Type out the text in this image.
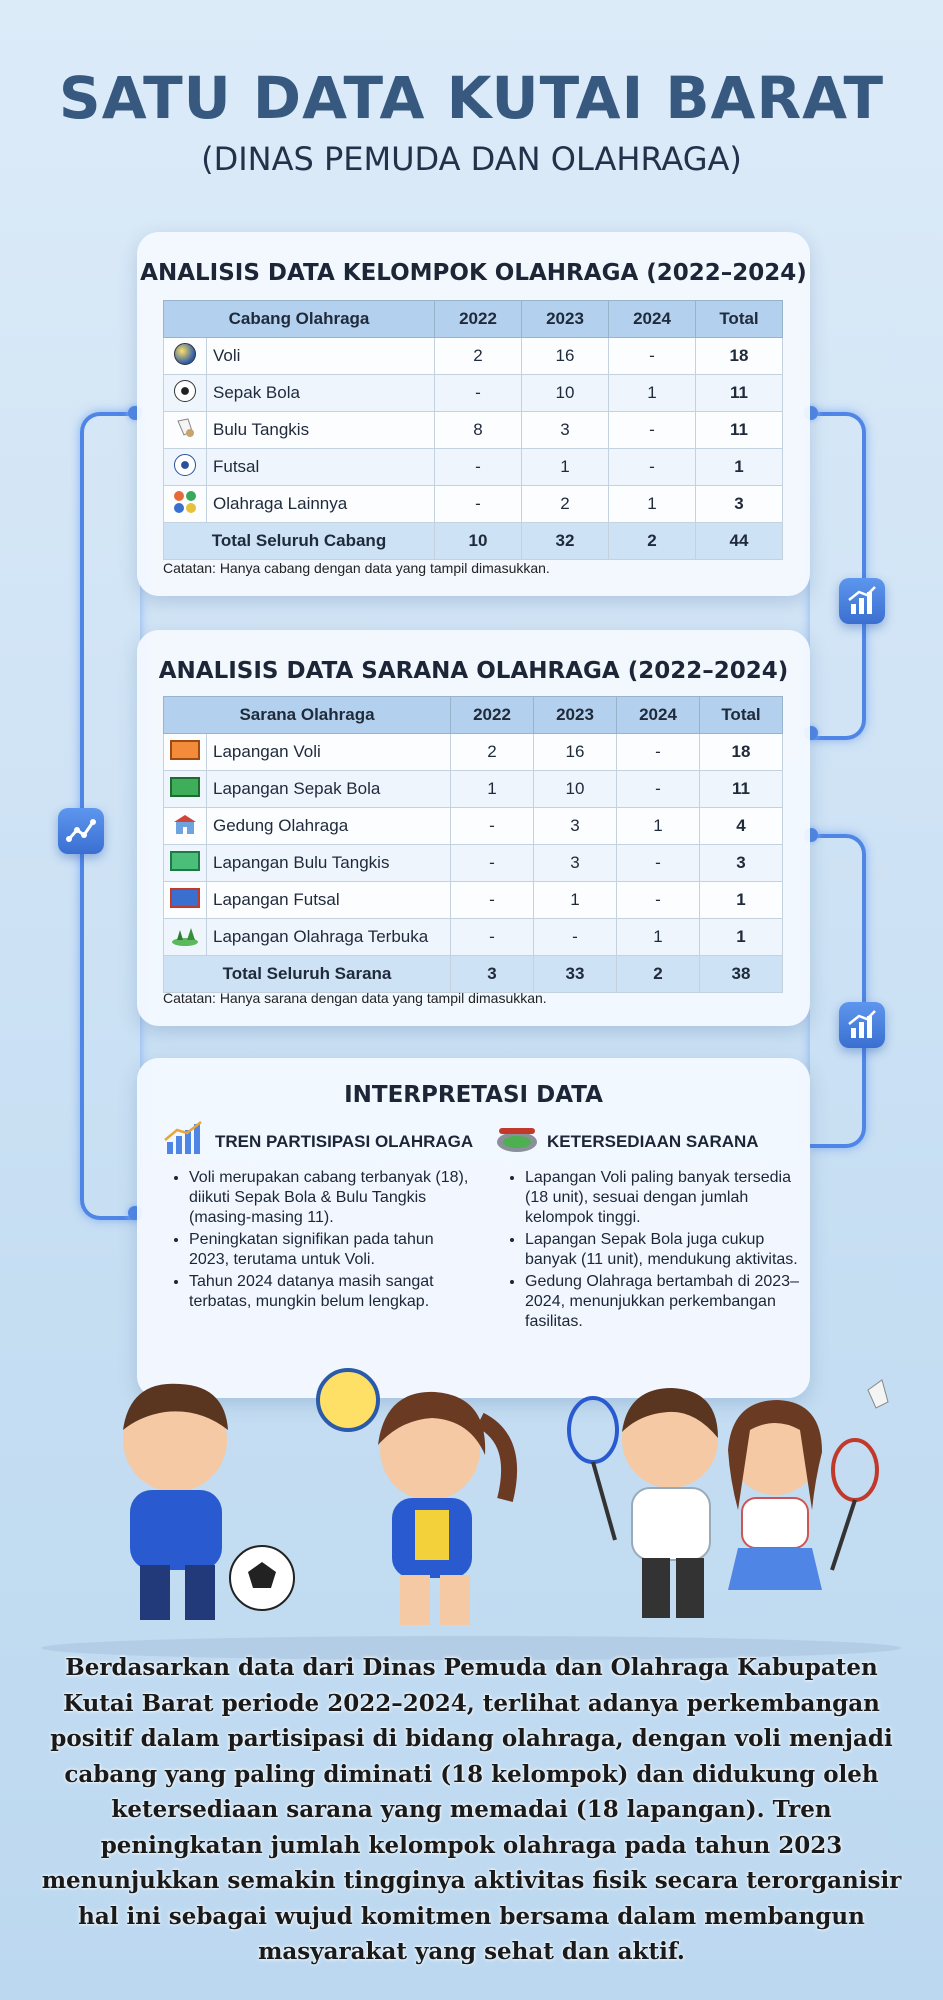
SATU DATA KUTAI BARAT
(DINAS PEMUDA DAN OLAHRAGA)
ANALISIS DATA KELOMPOK OLAHRAGA (2022–2024)
Cabang Olahraga		2022	2023	2024	Total
	Voli	2	16	-	18
	Sepak Bola	-	10	1	11
	Bulu Tangkis	8	3	-	11
	Futsal	-	1	-	1
	Olahraga Lainnya	-	2	1	3
Total Seluruh Cabang		10	32	2	44
Catatan: Hanya cabang dengan data yang tampil dimasukkan.
ANALISIS DATA SARANA OLAHRAGA (2022–2024)
Sarana Olahraga		2022	2023	2024	Total
	Lapangan Voli	2	16	-	18
	Lapangan Sepak Bola	1	10	-	11
	Gedung Olahraga	-	3	1	4
	Lapangan Bulu Tangkis	-	3	-	3
	Lapangan Futsal	-	1	-	1
	Lapangan Olahraga Terbuka	-	-	1	1
Total Seluruh Sarana		3	33	2	38
Catatan: Hanya sarana dengan data yang tampil dimasukkan.
INTERPRETASI DATA
TREN PARTISIPASI OLAHRAGA
• Voli merupakan cabang terbanyak (18), diikuti Sepak Bola & Bulu Tangkis (masing-masing 11).
• Peningkatan signifikan pada tahun 2023, terutama untuk Voli.
• Tahun 2024 datanya masih sangat terbatas, mungkin belum lengkap.
KETERSEDIAAN SARANA
• Lapangan Voli paling banyak tersedia (18 unit), sesuai dengan jumlah kelompok tinggi.
• Lapangan Sepak Bola juga cukup banyak (11 unit), mendukung aktivitas.
• Gedung Olahraga bertambah di 2023–2024, menunjukkan perkembangan fasilitas.
Berdasarkan data dari Dinas Pemuda dan Olahraga Kabupaten Kutai Barat periode 2022–2024, terlihat adanya perkembangan positif dalam partisipasi di bidang olahraga, dengan voli menjadi cabang yang paling diminati (18 kelompok) dan didukung oleh ketersediaan sarana yang memadai (18 lapangan). Tren peningkatan jumlah kelompok olahraga pada tahun 2023 menunjukkan semakin tingginya aktivitas fisik secara terorganisir hal ini sebagai wujud komitmen bersama dalam membangun masyarakat yang sehat dan aktif.
